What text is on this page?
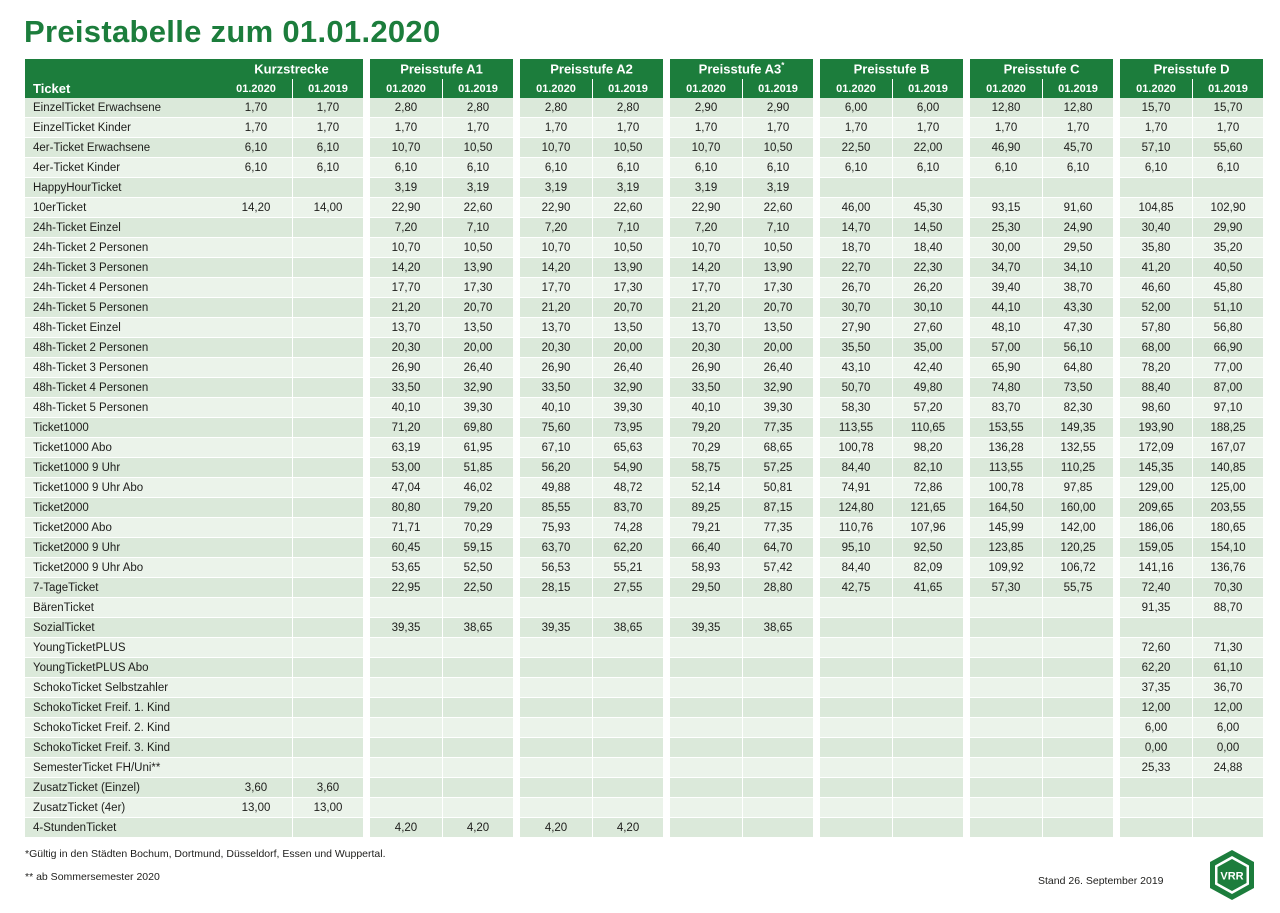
Preistabelle zum 01.01.2020
	Kurzstrecke			Preisstufe A1			Preisstufe A2			Preisstufe A3*			Preisstufe B			Preisstufe C			Preisstufe D	
Ticket	01.2020	01.2019		01.2020	01.2019		01.2020	01.2019		01.2020	01.2019		01.2020	01.2019		01.2020	01.2019		01.2020	01.2019
EinzelTicket Erwachsene	1,70	1,70		2,80	2,80		2,80	2,80		2,90	2,90		6,00	6,00		12,80	12,80		15,70	15,70
EinzelTicket Kinder	1,70	1,70		1,70	1,70		1,70	1,70		1,70	1,70		1,70	1,70		1,70	1,70		1,70	1,70
4er-Ticket Erwachsene	6,10	6,10		10,70	10,50		10,70	10,50		10,70	10,50		22,50	22,00		46,90	45,70		57,10	55,60
4er-Ticket Kinder	6,10	6,10		6,10	6,10		6,10	6,10		6,10	6,10		6,10	6,10		6,10	6,10		6,10	6,10
HappyHourTicket				3,19	3,19		3,19	3,19		3,19	3,19									
10erTicket	14,20	14,00		22,90	22,60		22,90	22,60		22,90	22,60		46,00	45,30		93,15	91,60		104,85	102,90
24h-Ticket Einzel				7,20	7,10		7,20	7,10		7,20	7,10		14,70	14,50		25,30	24,90		30,40	29,90
24h-Ticket 2 Personen				10,70	10,50		10,70	10,50		10,70	10,50		18,70	18,40		30,00	29,50		35,80	35,20
24h-Ticket 3 Personen				14,20	13,90		14,20	13,90		14,20	13,90		22,70	22,30		34,70	34,10		41,20	40,50
24h-Ticket 4 Personen				17,70	17,30		17,70	17,30		17,70	17,30		26,70	26,20		39,40	38,70		46,60	45,80
24h-Ticket 5 Personen				21,20	20,70		21,20	20,70		21,20	20,70		30,70	30,10		44,10	43,30		52,00	51,10
48h-Ticket Einzel				13,70	13,50		13,70	13,50		13,70	13,50		27,90	27,60		48,10	47,30		57,80	56,80
48h-Ticket 2 Personen				20,30	20,00		20,30	20,00		20,30	20,00		35,50	35,00		57,00	56,10		68,00	66,90
48h-Ticket 3 Personen				26,90	26,40		26,90	26,40		26,90	26,40		43,10	42,40		65,90	64,80		78,20	77,00
48h-Ticket 4 Personen				33,50	32,90		33,50	32,90		33,50	32,90		50,70	49,80		74,80	73,50		88,40	87,00
48h-Ticket 5 Personen				40,10	39,30		40,10	39,30		40,10	39,30		58,30	57,20		83,70	82,30		98,60	97,10
Ticket1000				71,20	69,80		75,60	73,95		79,20	77,35		113,55	110,65		153,55	149,35		193,90	188,25
Ticket1000 Abo				63,19	61,95		67,10	65,63		70,29	68,65		100,78	98,20		136,28	132,55		172,09	167,07
Ticket1000 9 Uhr				53,00	51,85		56,20	54,90		58,75	57,25		84,40	82,10		113,55	110,25		145,35	140,85
Ticket1000 9 Uhr Abo				47,04	46,02		49,88	48,72		52,14	50,81		74,91	72,86		100,78	97,85		129,00	125,00
Ticket2000				80,80	79,20		85,55	83,70		89,25	87,15		124,80	121,65		164,50	160,00		209,65	203,55
Ticket2000 Abo				71,71	70,29		75,93	74,28		79,21	77,35		110,76	107,96		145,99	142,00		186,06	180,65
Ticket2000 9 Uhr				60,45	59,15		63,70	62,20		66,40	64,70		95,10	92,50		123,85	120,25		159,05	154,10
Ticket2000 9 Uhr Abo				53,65	52,50		56,53	55,21		58,93	57,42		84,40	82,09		109,92	106,72		141,16	136,76
7-TageTicket				22,95	22,50		28,15	27,55		29,50	28,80		42,75	41,65		57,30	55,75		72,40	70,30
BärenTicket																			91,35	88,70
SozialTicket				39,35	38,65		39,35	38,65		39,35	38,65									
YoungTicketPLUS																			72,60	71,30
YoungTicketPLUS Abo																			62,20	61,10
SchokoTicket Selbstzahler																			37,35	36,70
SchokoTicket Freif. 1. Kind																			12,00	12,00
SchokoTicket Freif. 2. Kind																			6,00	6,00
SchokoTicket Freif. 3. Kind																			0,00	0,00
SemesterTicket FH/Uni**																			25,33	24,88
ZusatzTicket (Einzel)	3,60	3,60																		
ZusatzTicket (4er)	13,00	13,00																		
4-StundenTicket				4,20	4,20		4,20	4,20												
*Gültig in den Städten Bochum, Dortmund, Düsseldorf, Essen und Wuppertal.
** ab Sommersemester 2020	Stand 26. September 2019	VRR
